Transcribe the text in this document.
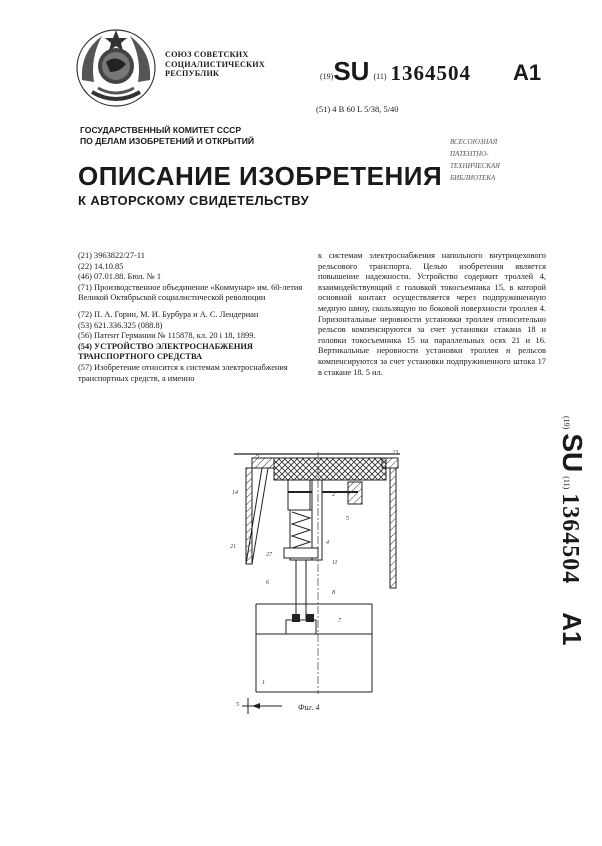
СОЮЗ СОВЕТСКИХ
СОЦИАЛИСТИЧЕСКИХ
РЕСПУБЛИК	(19)SU (11) 1364504 A1
(51) 4 B 60 L 5/38, 5/40
ГОСУДАРСТВЕННЫЙ КОМИТЕТ СССР
ПО ДЕЛАМ ИЗОБРЕТЕНИЙ И ОТКРЫТИЙ	ВСЕСОЮЗНАЯ
ПАТЕНТНО-
ТЕХНИЧЕСКАЯ
БИБЛИОТЕКА
ОПИСАНИЕ ИЗОБРЕТЕНИЯ
К АВТОРСКОМУ СВИДЕТЕЛЬСТВУ
(21) 3963822/27-11
(22) 14.10.85
(46) 07.01.88. Бюл. № 1
(71) Производственное объединение «Коммунар» им. 60-летия Великой Октябрьской социалистической революции
(72) П. А. Горин, М. И. Бурбура и А. С. Лендериан
(53) 621.336.325 (088.8)
(56) Патент Германии № 115878, кл. 20 i 18, 1899.
(54) УСТРОЙСТВО ЭЛЕКТРОСНАБЖЕНИЯ ТРАНСПОРТНОГО СРЕДСТВА
(57) Изобретение относится к системам электроснабжения транспортных средств, а именно
к системам электроснабжения напольного внутрицехового рельсового транспорта. Целью изобретения является повышение надежности. Устройство содержит троллей 4, взаимодействующий с головкой токосъемника 15, в которой основной контакт осуществляется через подпружиненную медную шину, скользящую по боковой поверхности троллея 4. Горизонтальные неровности установки троллея относительно рельсов компенсируются за счет установки стакана 18 и головки токосъемника 15 на параллельных осях 21 и 16. Вертикальные неровности установки троллея и рельсов компенсируются за счет установки подпружиненного штока 17 в стакане 18. 5 ил.
(19) SU (11) 1364504 A1
21
23
14
21
2
5
4
11
27
6
8
7
1
5	Фиг. 4
